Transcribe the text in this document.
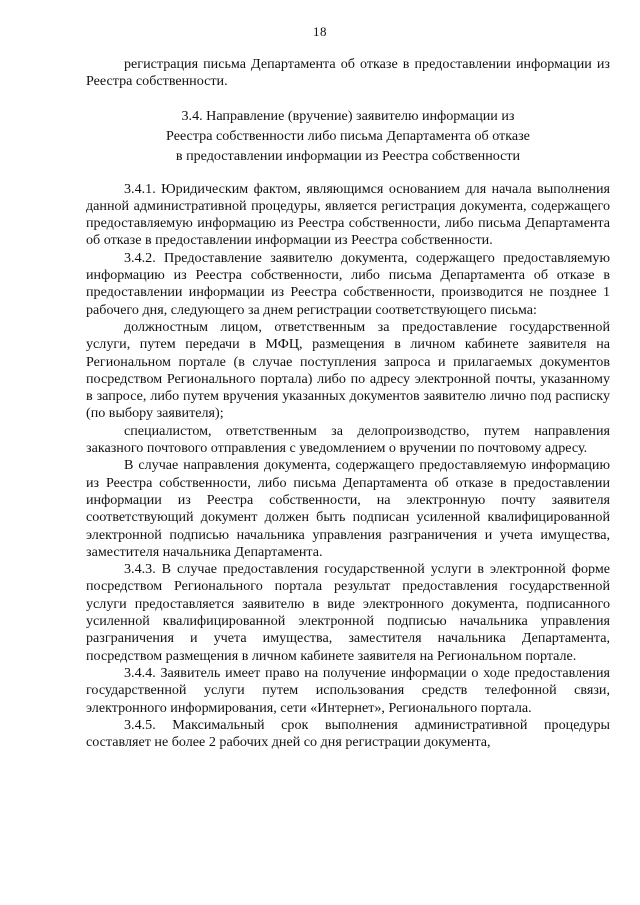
18

регистрация письма Департамента об отказе в предоставлении информации из Реестра собственности.

3.4. Направление (вручение) заявителю информации из
Реестра собственности либо письма Департамента об отказе
в предоставлении информации из Реестра собственности

3.4.1. Юридическим фактом, являющимся основанием для начала выполнения данной административной процедуры, является регистрация документа, содержащего предоставляемую информацию из Реестра собственности, либо письма Департамента об отказе в предоставлении информации из Реестра собственности.

3.4.2. Предоставление заявителю документа, содержащего предоставляемую информацию из Реестра собственности, либо письма Департамента об отказе в предоставлении информации из Реестра собственности, производится не позднее 1 рабочего дня, следующего за днем регистрации соответствующего письма:

должностным лицом, ответственным за предоставление государственной услуги, путем передачи в МФЦ, размещения в личном кабинете заявителя на Региональном портале (в случае поступления запроса и прилагаемых документов посредством Регионального портала) либо по адресу электронной почты, указанному в запросе, либо путем вручения указанных документов заявителю лично под расписку (по выбору заявителя);

специалистом, ответственным за делопроизводство, путем направления заказного почтового отправления с уведомлением о вручении по почтовому адресу.

В случае направления документа, содержащего предоставляемую информацию из Реестра собственности, либо письма Департамента об отказе в предоставлении информации из Реестра собственности, на электронную почту заявителя соответствующий документ должен быть подписан усиленной квалифицированной электронной подписью начальника управления разграничения и учета имущества, заместителя начальника Департамента.

3.4.3. В случае предоставления государственной услуги в электронной форме посредством Регионального портала результат предоставления государственной услуги предоставляется заявителю в виде электронного документа, подписанного усиленной квалифицированной электронной подписью начальника управления разграничения и учета имущества, заместителя начальника Департамента, посредством размещения в личном кабинете заявителя на Региональном портале.

3.4.4. Заявитель имеет право на получение информации о ходе предоставления государственной услуги путем использования средств телефонной связи, электронного информирования, сети «Интернет», Регионального портала.

3.4.5. Максимальный срок выполнения административной процедуры составляет не более 2 рабочих дней со дня регистрации документа,
